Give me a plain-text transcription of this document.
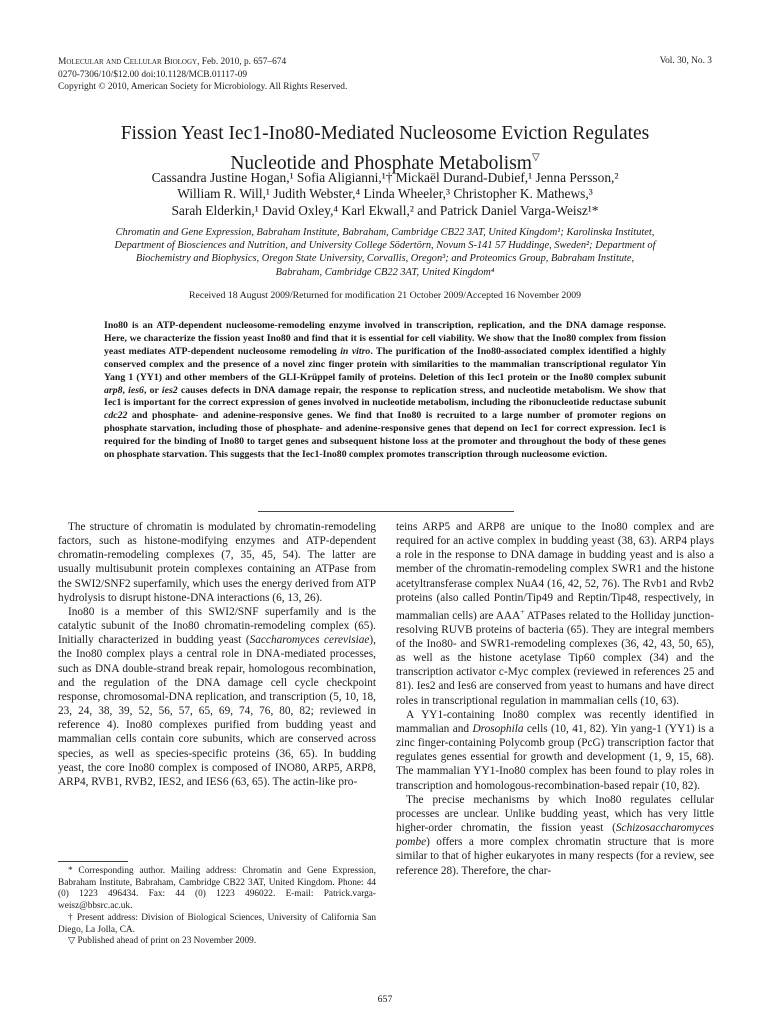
Molecular and Cellular Biology, Feb. 2010, p. 657–674
0270-7306/10/$12.00 doi:10.1128/MCB.01117-09
Copyright © 2010, American Society for Microbiology. All Rights Reserved.
Vol. 30, No. 3
Fission Yeast Iec1-Ino80-Mediated Nucleosome Eviction Regulates
Nucleotide and Phosphate Metabolism▽
Cassandra Justine Hogan,¹ Sofia Aligianni,¹† Mickaël Durand-Dubief,¹ Jenna Persson,²
William R. Will,¹ Judith Webster,⁴ Linda Wheeler,³ Christopher K. Mathews,³
Sarah Elderkin,¹ David Oxley,⁴ Karl Ekwall,² and Patrick Daniel Varga-Weisz¹*
Chromatin and Gene Expression, Babraham Institute, Babraham, Cambridge CB22 3AT, United Kingdom¹; Karolinska Institutet,
Department of Biosciences and Nutrition, and University College Södertörn, Novum S-141 57 Huddinge, Sweden²; Department of
Biochemistry and Biophysics, Oregon State University, Corvallis, Oregon³; and Proteomics Group, Babraham Institute,
Babraham, Cambridge CB22 3AT, United Kingdom⁴
Received 18 August 2009/Returned for modification 21 October 2009/Accepted 16 November 2009
Ino80 is an ATP-dependent nucleosome-remodeling enzyme involved in transcription, replication, and the DNA damage response. Here, we characterize the fission yeast Ino80 and find that it is essential for cell viability. We show that the Ino80 complex from fission yeast mediates ATP-dependent nucleosome remodeling in vitro. The purification of the Ino80-associated complex identified a highly conserved complex and the presence of a novel zinc finger protein with similarities to the mammalian transcriptional regulator Yin Yang 1 (YY1) and other members of the GLI-Krüppel family of proteins. Deletion of this Iec1 protein or the Ino80 complex subunit arp8, ies6, or ies2 causes defects in DNA damage repair, the response to replication stress, and nucleotide metabolism. We show that Iec1 is important for the correct expression of genes involved in nucleotide metabolism, including the ribonucleotide reductase subunit cdc22 and phosphate- and adenine-responsive genes. We find that Ino80 is recruited to a large number of promoter regions on phosphate starvation, including those of phosphate- and adenine-responsive genes that depend on Iec1 for correct expression. Iec1 is required for the binding of Ino80 to target genes and subsequent histone loss at the promoter and throughout the body of these genes on phosphate starvation. This suggests that the Iec1-Ino80 complex promotes transcription through nucleosome eviction.

The structure of chromatin is modulated by chromatin-remodeling factors, such as histone-modifying enzymes and ATP-dependent chromatin-remodeling complexes (7, 35, 45, 54). The latter are usually multisubunit protein complexes containing an ATPase from the SWI2/SNF2 superfamily, which uses the energy derived from ATP hydrolysis to disrupt histone-DNA interactions (6, 13, 26).

Ino80 is a member of this SWI2/SNF superfamily and is the catalytic subunit of the Ino80 chromatin-remodeling complex (65). Initially characterized in budding yeast (Saccharomyces cerevisiae), the Ino80 complex plays a central role in DNA-mediated processes, such as DNA double-strand break repair, homologous recombination, and the regulation of the DNA damage cell cycle checkpoint response, chromosomal-DNA replication, and transcription (5, 10, 18, 23, 24, 38, 39, 52, 56, 57, 65, 69, 74, 76, 80, 82; reviewed in reference 4). Ino80 complexes purified from budding yeast and mammalian cells contain core subunits, which are conserved across species, as well as species-specific proteins (36, 65). In budding yeast, the core Ino80 complex is composed of INO80, ARP5, ARP8, ARP4, RVB1, RVB2, IES2, and IES6 (63, 65). The actin-like pro-

* Corresponding author. Mailing address: Chromatin and Gene Expression, Babraham Institute, Babraham, Cambridge CB22 3AT, United Kingdom. Phone: 44 (0) 1223 496434. Fax: 44 (0) 1223 496022. E-mail: Patrick.varga-weisz@bbsrc.ac.uk.

† Present address: Division of Biological Sciences, University of California San Diego, La Jolla, CA.

▽ Published ahead of print on 23 November 2009.

teins ARP5 and ARP8 are unique to the Ino80 complex and are required for an active complex in budding yeast (38, 63). ARP4 plays a role in the response to DNA damage in budding yeast and is also a member of the chromatin-remodeling complex SWR1 and the histone acetyltransferase complex NuA4 (16, 42, 52, 76). The Rvb1 and Rvb2 proteins (also called Pontin/Tip49 and Reptin/Tip48, respectively, in mammalian cells) are AAA+ ATPases related to the Holliday junction-resolving RUVB proteins of bacteria (65). They are integral members of the Ino80- and SWR1-remodeling complexes (36, 42, 43, 50, 65), as well as the histone acetylase Tip60 complex (34) and the transcription activator c-Myc complex (reviewed in references 25 and 81). Ies2 and Ies6 are conserved from yeast to humans and have direct roles in transcriptional regulation in mammalian cells (10, 63).

A YY1-containing Ino80 complex was recently identified in mammalian and Drosophila cells (10, 41, 82). Yin yang-1 (YY1) is a zinc finger-containing Polycomb group (PcG) transcription factor that regulates genes essential for growth and development (1, 9, 15, 68). The mammalian YY1-Ino80 complex has been found to play roles in transcription and homologous-recombination-based repair (10, 82).

The precise mechanisms by which Ino80 regulates cellular processes are unclear. Unlike budding yeast, which has very little higher-order chromatin, the fission yeast (Schizosaccharomyces pombe) offers a more complex chromatin structure that is more similar to that of higher eukaryotes in many respects (for a review, see reference 28). Therefore, the char-

657
